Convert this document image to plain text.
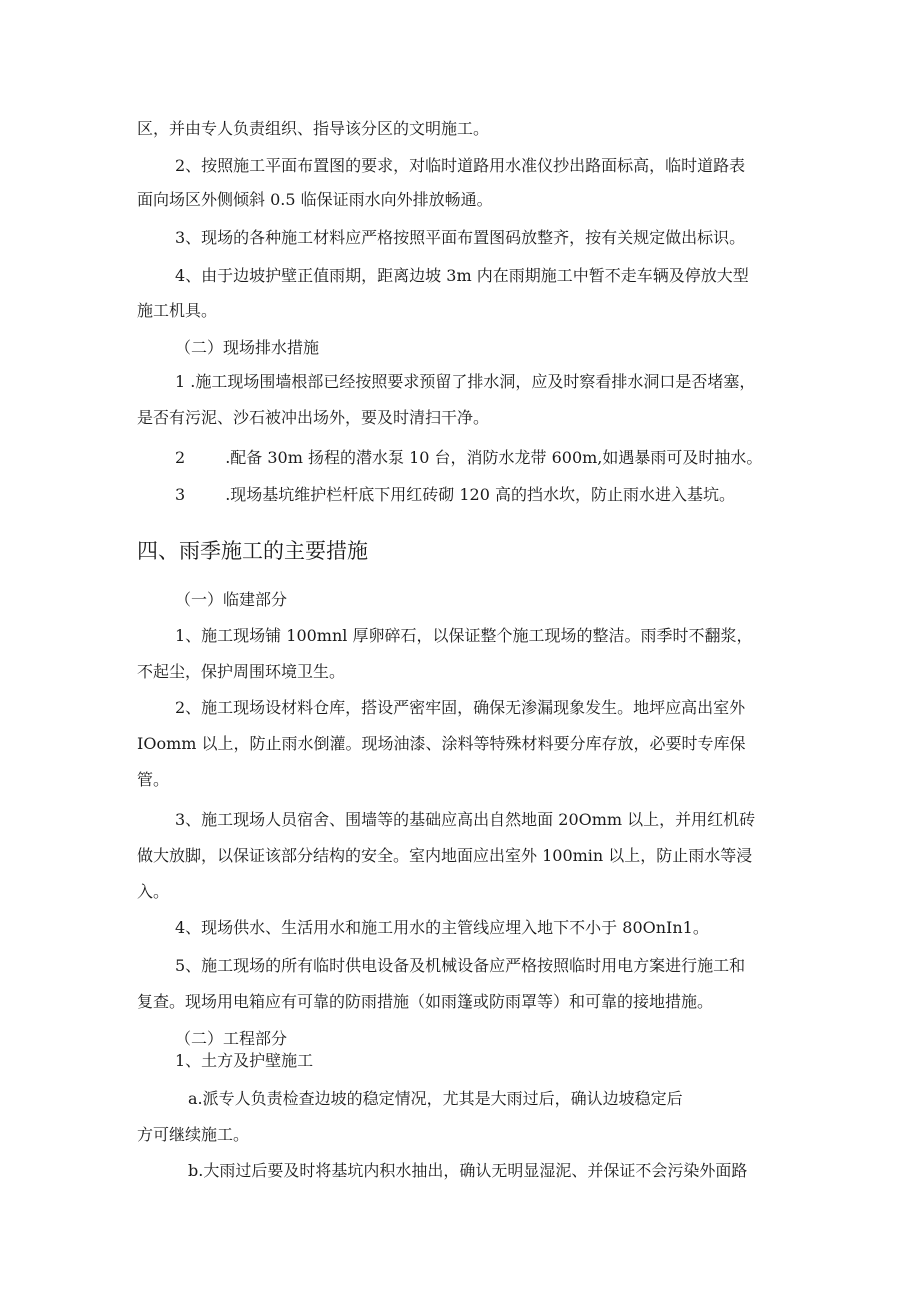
区，并由专人负责组织、指导该分区的文明施工。
2、按照施工平面布置图的要求，对临时道路用水准仪抄出路面标高，临时道路表
面向场区外侧倾斜 0.5 临保证雨水向外排放畅通。
3、现场的各种施工材料应严格按照平面布置图码放整齐，按有关规定做出标识。
4、由于边坡护壁正值雨期，距离边坡 3m 内在雨期施工中暂不走车辆及停放大型
施工机具。
（二）现场排水措施
1 .施工现场围墙根部已经按照要求预留了排水洞，应及时察看排水洞口是否堵塞，
是否有污泥、沙石被冲出场外，要及时清扫干净。
2	.配备 30m 扬程的潜水泵 10 台，消防水龙带 600m,如遇暴雨可及时抽水。
3	.现场基坑维护栏杆底下用红砖砌 120 高的挡水坎，防止雨水进入基坑。
四、雨季施工的主要措施
（一）临建部分
1、施工现场铺 100mnl 厚卵碎石，以保证整个施工现场的整洁。雨季时不翻浆，
不起尘，保护周围环境卫生。
2、施工现场设材料仓库，搭设严密牢固，确保无渗漏现象发生。地坪应高出室外
IOomm 以上，防止雨水倒灌。现场油漆、涂料等特殊材料要分库存放，必要时专库保
管。
3、施工现场人员宿舍、围墙等的基础应高出自然地面 20Omm 以上，并用红机砖
做大放脚，以保证该部分结构的安全。室内地面应出室外 100min 以上，防止雨水等浸
入。
4、现场供水、生活用水和施工用水的主管线应埋入地下不小于 80OnIn1。
5、施工现场的所有临时供电设备及机械设备应严格按照临时用电方案进行施工和
复查。现场用电箱应有可靠的防雨措施（如雨篷或防雨罩等）和可靠的接地措施。
（二）工程部分
1、土方及护壁施工
a.派专人负责检查边坡的稳定情况，尤其是大雨过后，确认边坡稳定后
方可继续施工。
b.大雨过后要及时将基坑内积水抽出，确认无明显湿泥、并保证不会污染外面路
